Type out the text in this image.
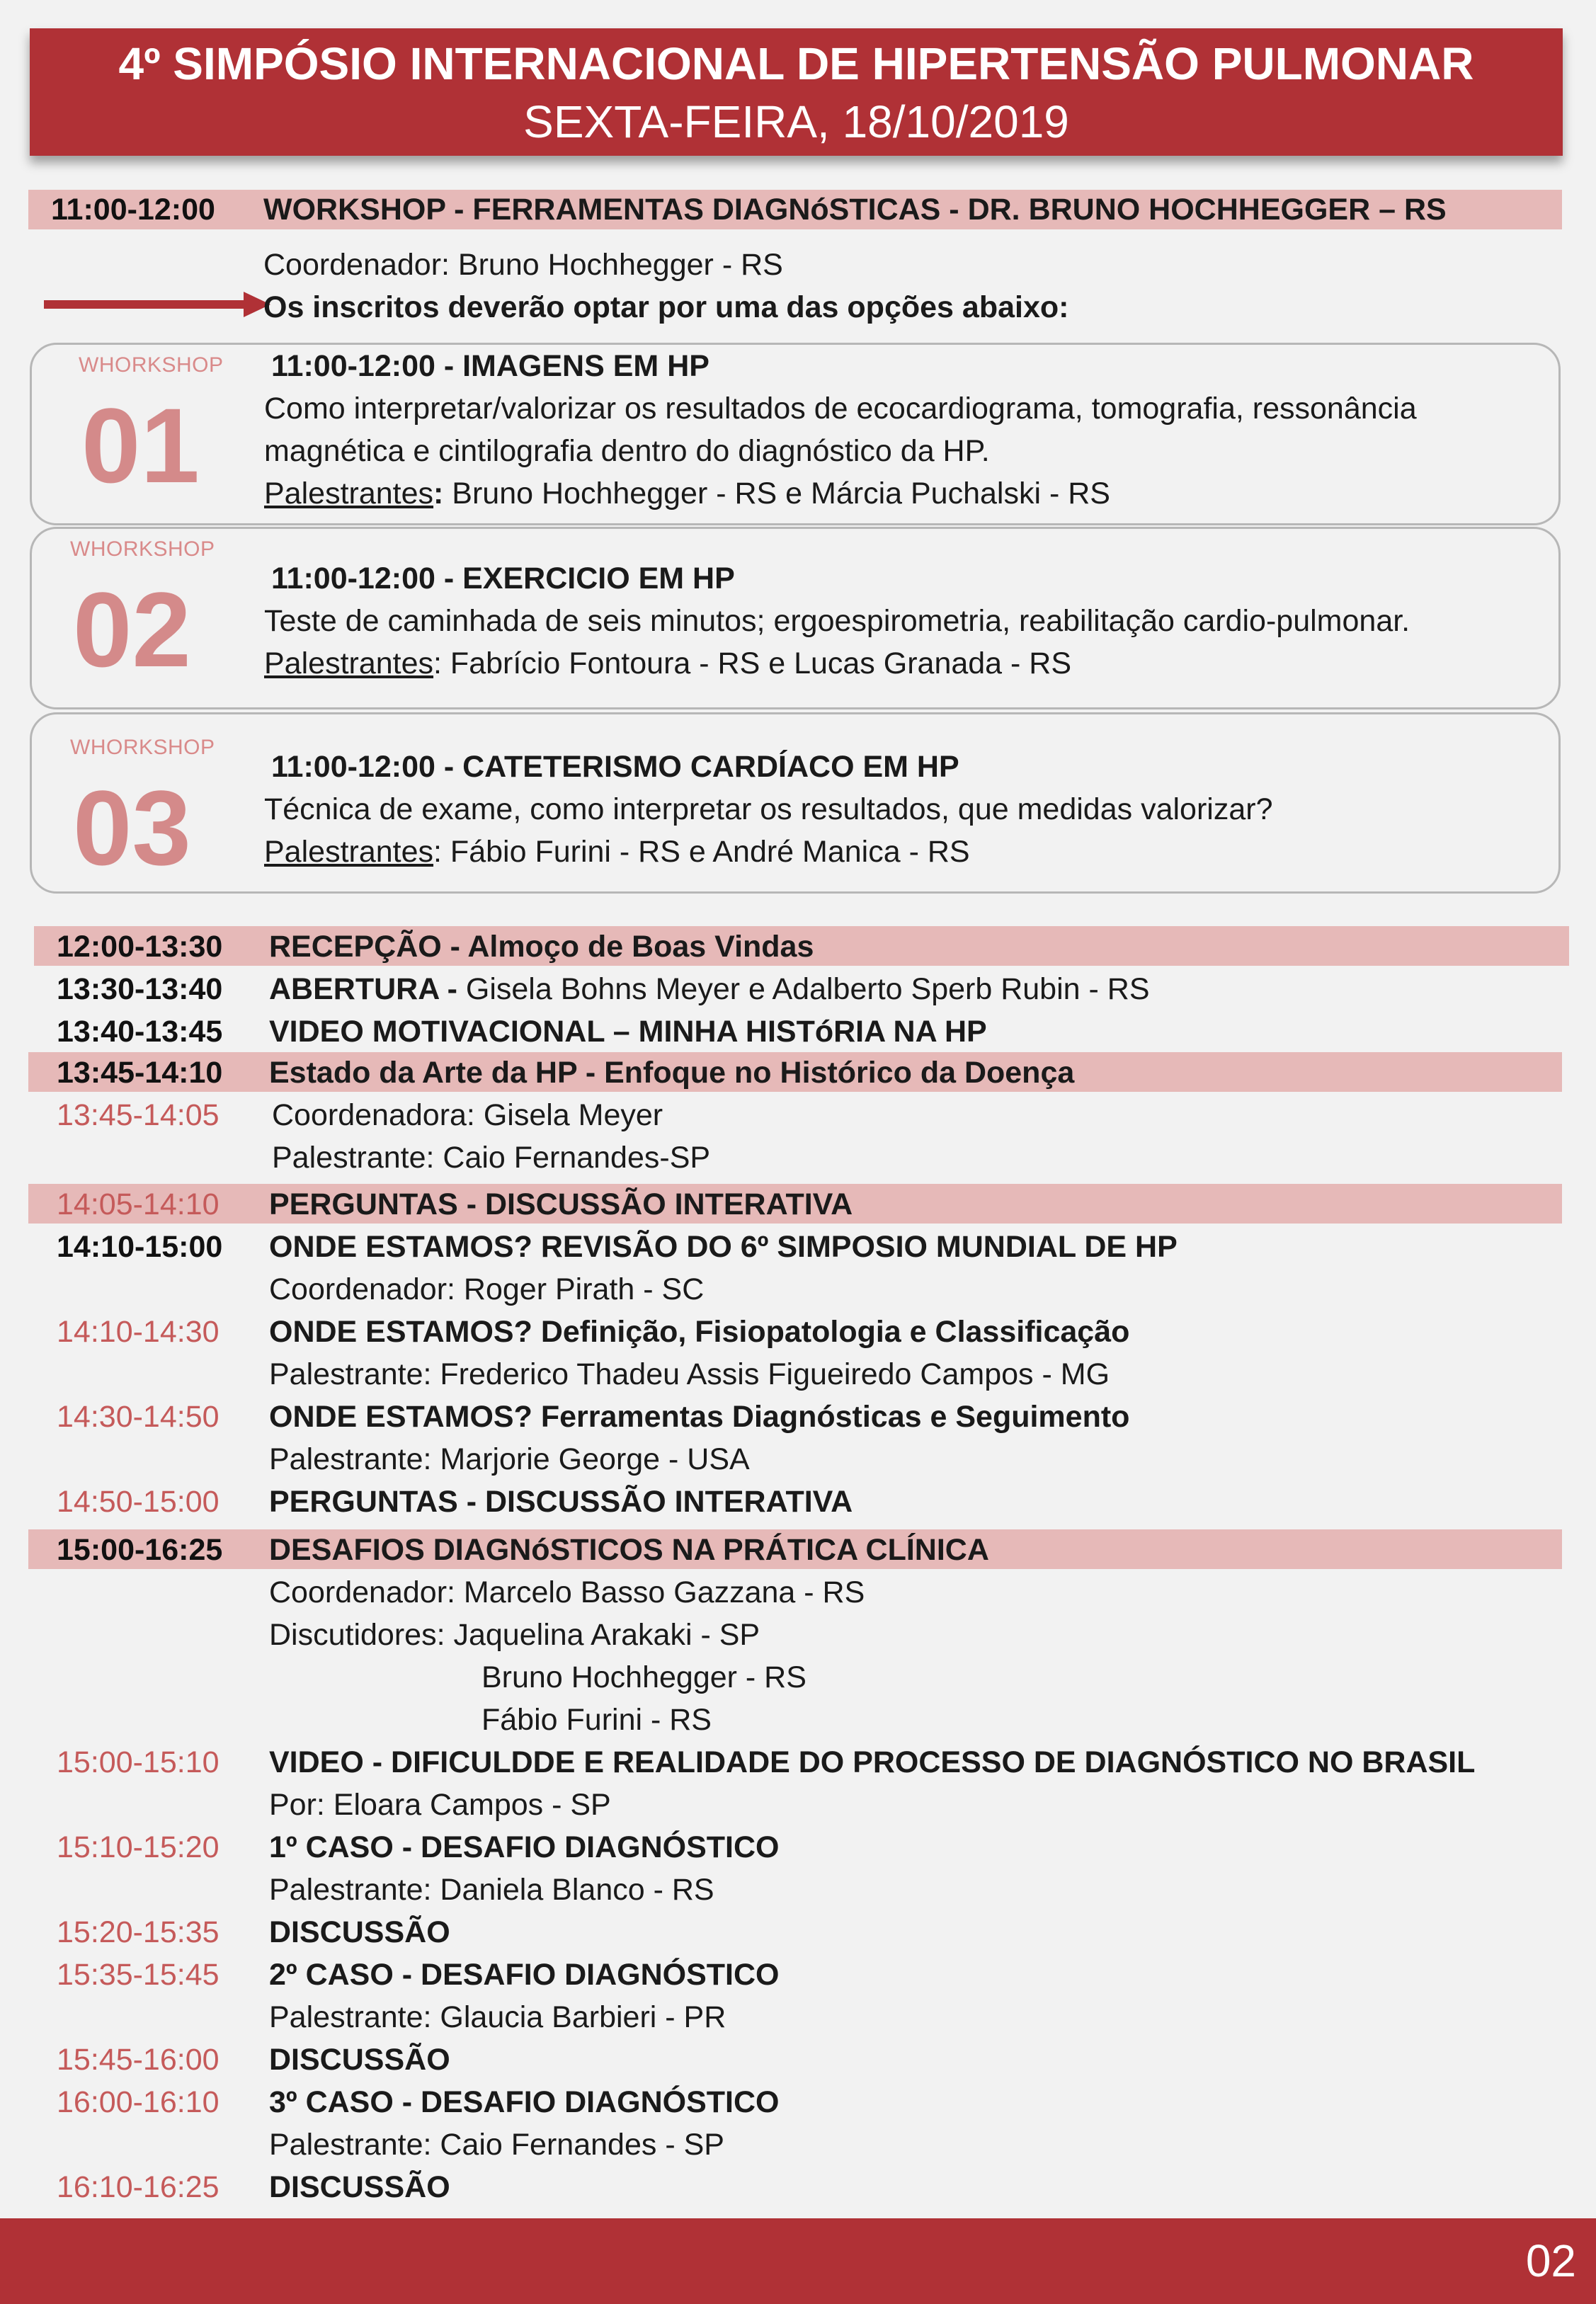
4º SIMPÓSIO INTERNACIONAL DE HIPERTENSÃO PULMONAR
SEXTA-FEIRA, 18/10/2019
11:00-12:00 WORKSHOP - FERRAMENTAS DIAGNóSTICAS - DR. BRUNO HOCHHEGGER – RS
Coordenador: Bruno Hochhegger - RS
Os inscritos deverão optar por uma das opções abaixo:
WHORKSHOP
01
11:00-12:00 - IMAGENS EM HP
Como interpretar/valorizar os resultados de ecocardiograma, tomografia, ressonância
magnética e cintilografia dentro do diagnóstico da HP.
Palestrantes: Bruno Hochhegger - RS e Márcia Puchalski - RS
WHORKSHOP
02	11:00-12:00 - EXERCICIO EM HP
Teste de caminhada de seis minutos; ergoespirometria, reabilitação cardio-pulmonar.
Palestrantes: Fabrício Fontoura - RS e Lucas Granada - RS
WHORKSHOP
03
11:00-12:00 - CATETERISMO CARDÍACO EM HP
Técnica de exame, como interpretar os resultados, que medidas valorizar?
Palestrantes: Fábio Furini - RS e André Manica - RS
12:00-13:30 RECEPÇÃO - Almoço de Boas Vindas
13:30-13:40 ABERTURA - Gisela Bohns Meyer e Adalberto Sperb Rubin - RS
13:40-13:45 VIDEO MOTIVACIONAL – MINHA HISTóRIA NA HP
13:45-14:10 Estado da Arte da HP - Enfoque no Histórico da Doença
13:45-14:05 Coordenadora: Gisela Meyer
Palestrante: Caio Fernandes-SP
14:05-14:10 PERGUNTAS - DISCUSSÃO INTERATIVA
14:10-15:00 ONDE ESTAMOS? REVISÃO DO 6º SIMPOSIO MUNDIAL DE HP
Coordenador: Roger Pirath - SC
14:10-14:30 ONDE ESTAMOS? Definição, Fisiopatologia e Classificação
Palestrante: Frederico Thadeu Assis Figueiredo Campos - MG
14:30-14:50 ONDE ESTAMOS? Ferramentas Diagnósticas e Seguimento
Palestrante: Marjorie George - USA
14:50-15:00 PERGUNTAS - DISCUSSÃO INTERATIVA
15:00-16:25 DESAFIOS DIAGNóSTICOS NA PRÁTICA CLÍNICA
Coordenador: Marcelo Basso Gazzana - RS
Discutidores: Jaquelina Arakaki - SP
Bruno Hochhegger - RS
Fábio Furini - RS
15:00-15:10 VIDEO - DIFICULDDE E REALIDADE DO PROCESSO DE DIAGNÓSTICO NO BRASIL
Por: Eloara Campos - SP
15:10-15:20 1º CASO - DESAFIO DIAGNÓSTICO
Palestrante: Daniela Blanco - RS
15:20-15:35 DISCUSSÃO
15:35-15:45 2º CASO - DESAFIO DIAGNÓSTICO
Palestrante: Glaucia Barbieri - PR
15:45-16:00 DISCUSSÃO
16:00-16:10 3º CASO - DESAFIO DIAGNÓSTICO
Palestrante: Caio Fernandes - SP
16:10-16:25 DISCUSSÃO
02
